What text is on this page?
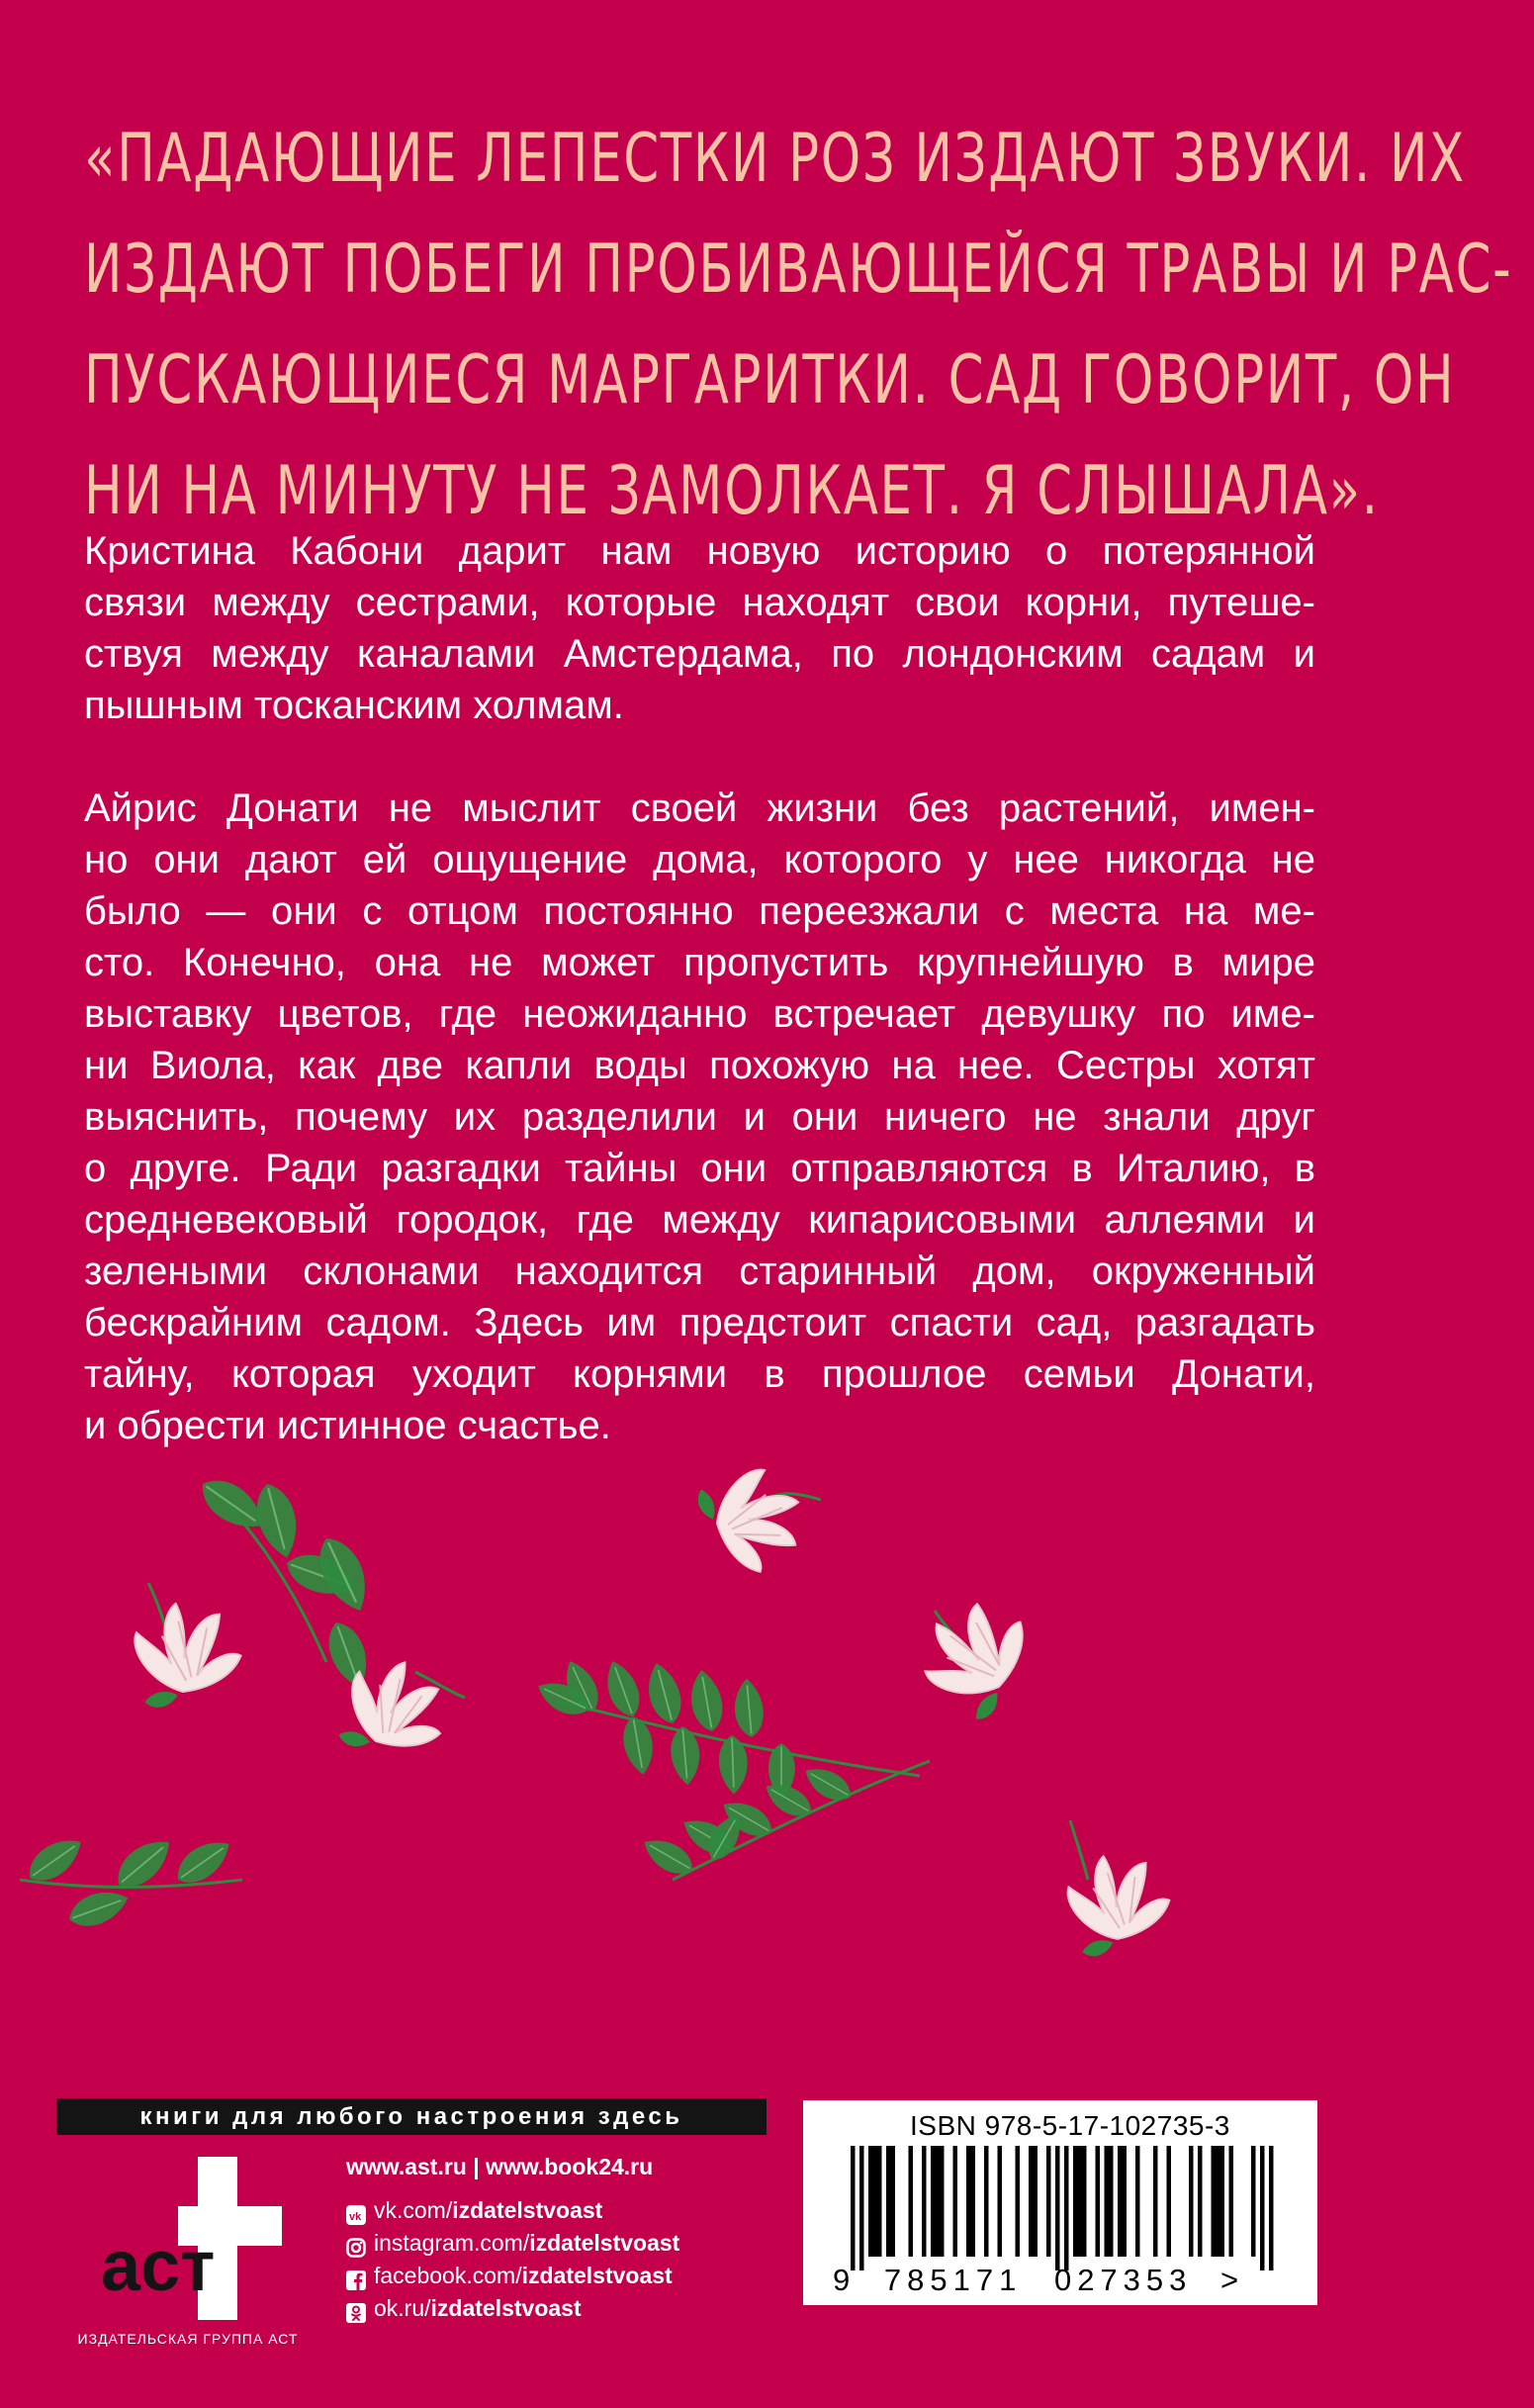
«ПАДАЮЩИЕ ЛЕПЕСТКИ РОЗ ИЗДАЮТ ЗВУКИ. ИХ
ИЗДАЮТ ПОБЕГИ ПРОБИВАЮЩЕЙСЯ ТРАВЫ И РАС-
ПУСКАЮЩИЕСЯ МАРГАРИТКИ. САД ГОВОРИТ, ОН
НИ НА МИНУТУ НЕ ЗАМОЛКАЕТ. Я СЛЫШАЛА».
Кристина Кабони дарит нам новую историю о потерянной
связи между сестрами, которые находят свои корни, путеше-
ствуя между каналами Амстердама, по лондонским садам и
пышным тосканским холмам.
Айрис Донати не мыслит своей жизни без растений, имен-
но они дают ей ощущение дома, которого у нее никогда не
было — они с отцом постоянно переезжали с места на ме-
сто. Конечно, она не может пропустить крупнейшую в мире
выставку цветов, где неожиданно встречает девушку по име-
ни Виола, как две капли воды похожую на нее. Сестры хотят
выяснить, почему их разделили и они ничего не знали друг
о друге. Ради разгадки тайны они отправляются в Италию, в
средневековый городок, где между кипарисовыми аллеями и
зелеными склонами находится старинный дом, окруженный
бескрайним садом. Здесь им предстоит спасти сад, разгадать
тайну, которая уходит корнями в прошлое семьи Донати,
и обрести истинное счастье.
книги для любого настроения здесь
аст
ИЗДАТЕЛЬСКАЯ ГРУППА АСТ
www.ast.ru | www.book24.ru
vk vk.com/ izdatelstvoast
instagram.com/ izdatelstvoast
facebook.com/ izdatelstvoast
ok.ru/ izdatelstvoast
ISBN 978-5-17-102735-3
9 785171 027353 >
